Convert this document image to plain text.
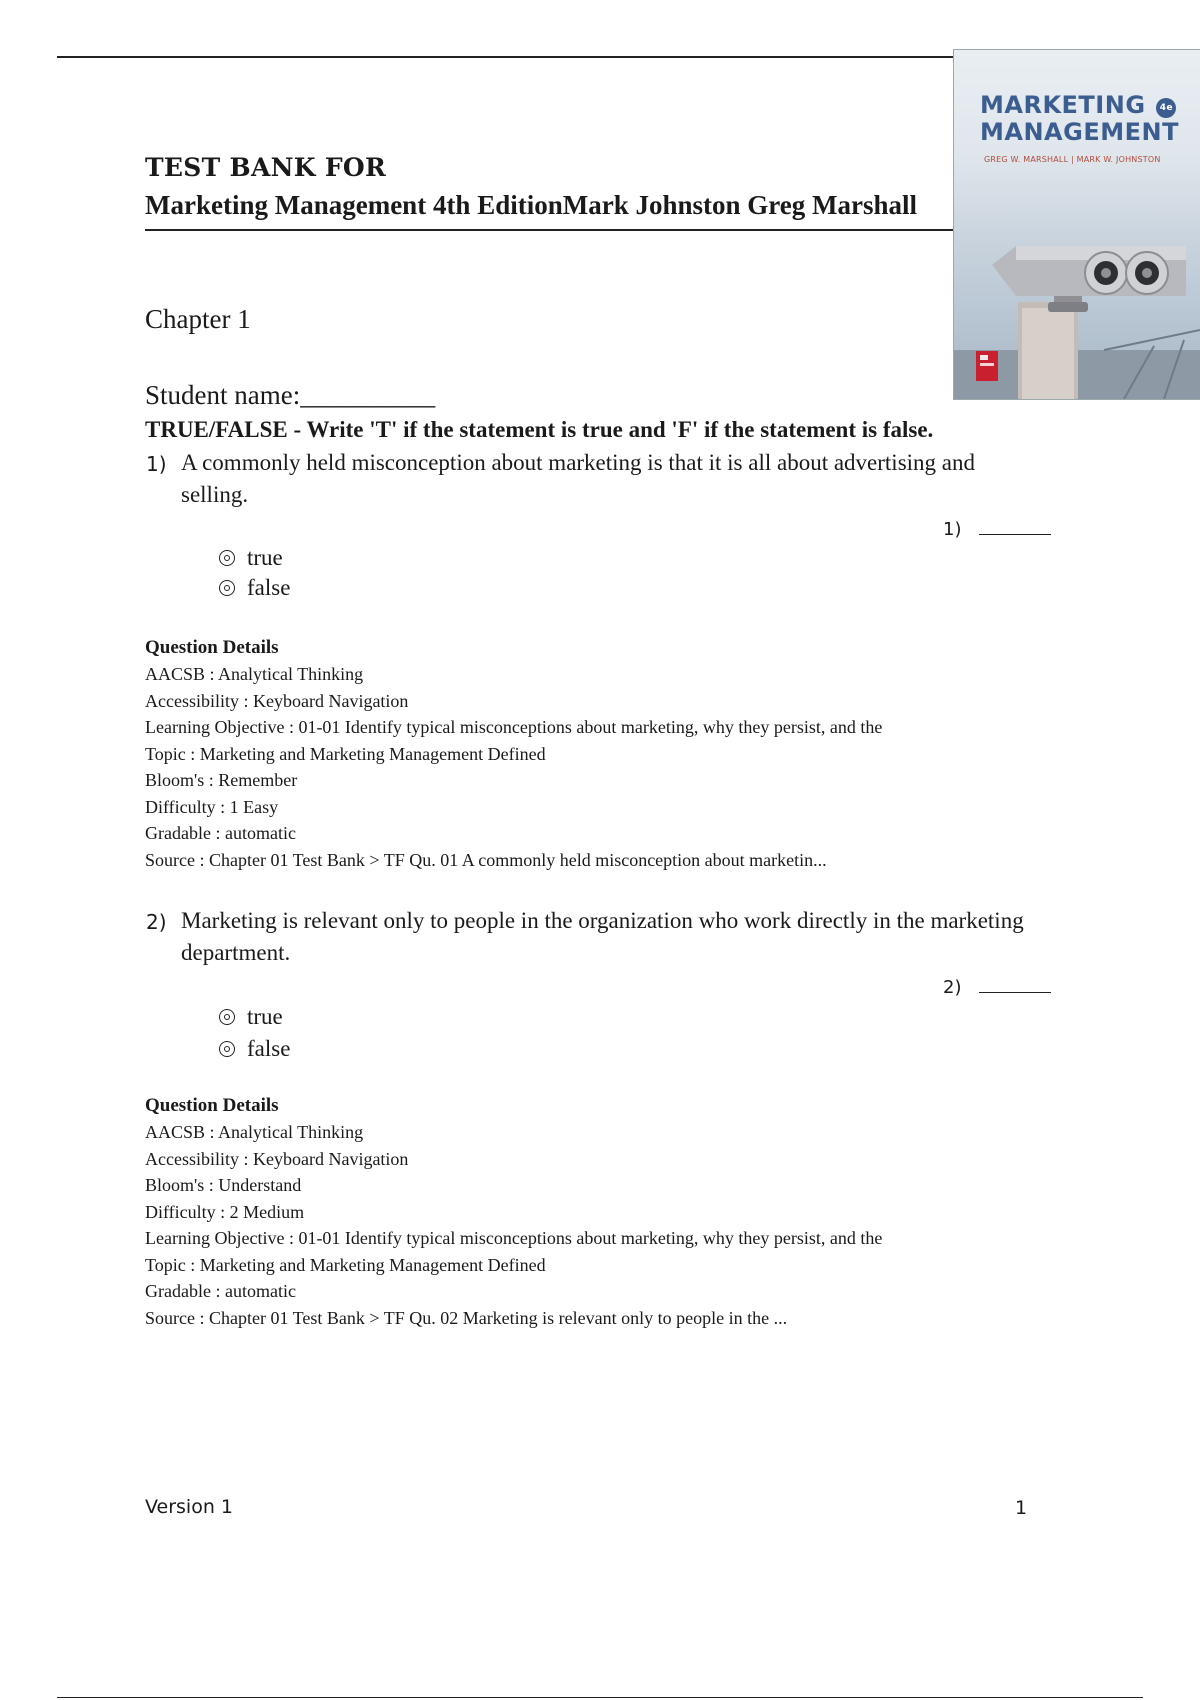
MARKETING 4e
MANAGEMENT
GREG W. MARSHALL | MARK W. JOHNSTON
TEST BANK FOR
Marketing Management 4th EditionMark Johnston Greg Marshall
Chapter 1
Student name:__________
TRUE/FALSE - Write 'T' if the statement is true and 'F' if the statement is false.
1) A commonly held misconception about marketing is that it is all about advertising and selling.
1)
true
false
Question Details
AACSB : Analytical Thinking
Accessibility : Keyboard Navigation
Learning Objective : 01-01 Identify typical misconceptions about marketing, why they persist, and the
Topic : Marketing and Marketing Management Defined
Bloom's : Remember
Difficulty : 1 Easy
Gradable : automatic
Source : Chapter 01 Test Bank > TF Qu. 01 A commonly held misconception about marketin...
2) Marketing is relevant only to people in the organization who work directly in the marketing department.
2)
true
false
Question Details
AACSB : Analytical Thinking
Accessibility : Keyboard Navigation
Bloom's : Understand
Difficulty : 2 Medium
Learning Objective : 01-01 Identify typical misconceptions about marketing, why they persist, and the
Topic : Marketing and Marketing Management Defined
Gradable : automatic
Source : Chapter 01 Test Bank > TF Qu. 02 Marketing is relevant only to people in the ...
Version 1	1
